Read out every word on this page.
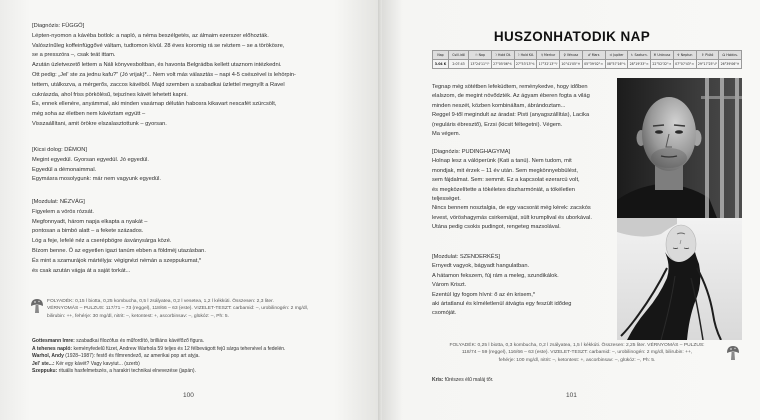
[Diagnózis: FÜGGŐ]
Lépten-nyomon a kávéba botlok: a napló, a néma beszélgetés, az álmaim ezerszer előhozták.
Valószínűleg koffeinfüggővé váltam, tudtomon kívül. 28 éves koromig rá se néztem – se a törökösre,
se a presszóra –, csak teát ittam.
Azután üzletvezető lettem a Náli könyvesboltban, és havonta Belgrádba kellett utaznom intézkedni.
Ott pedig: „Jel' ste za jednu kafu?" (Jó vrijak)*... Nem volt más választás – napi 4-5 csészével is lehörpin-
tettem, utálkozva, a mérgerős, zaccos kávéból. Majd szemben a szabadkai üzlettel megnyílt a Ravel
cukrászda, ahol friss pörkölésű, tejszínes kávét lehetett kapni.
És, ennek ellenére, anyámmal, aki minden vasárnap délután habosra kikavart nescafét szürcsölt,
még soha az életben nem kávéztam együtt –
Visszaállítani, amit örökre elszalasztottunk – gyorsan.
[Kicsi dolog: DÉMON]
Megint egyedül. Gyorsan egyedül. Jó egyedül.
Egyedül a démonaimmal.
Egymásra mosolygunk: már nem vagyunk egyedül.
[Mozdulat: NÉZVÁG]
Figyelem a vörös rózsát.
Megfonnyadt, három napja elkapta a nyakát –
pontosan a bimbó alatt – a fekete százados.
Lóg a feje, lefelé néz a cserépbögre ásványsárga közé.
Bízom benne. Ő az egyetlen igazi tanúm ebben a földméj utazásban.
És mint a szamurájok mártélyja: végignézi némán a szeppukumat,*
és csak azután vágja át a saját torkát...
FOLYADÉK: 0,15 l biotta, 0,25 kombucha, 0,5 l zsályatea, 0,2 l vesetea, 1,2 l kékkúti. Összesen: 2,3 liter.
VÉRNYOMÁS – PULZUS: 117/71 – 73 (reggel), 118/66 – 63 (este). VIZELET-TESZT: carbamid: –, urobilinogén: 2 mg/dl,
bilirubin: ++, fehérje: 30 mg/dl, nitrit: –, ketontest: +, ascorbinsav: –, glükóz: –, Ph: 5.
Gottesmann Imre: szabadkai filozófus és műfordító, brilliáns kávéfőző figura.
A tehenes napló: keményfedelű füzet, Andrew Warhola 59 teljes és 12 félbevágott fejű sárga tehenével a fedelén.
Warhol, Andy (1928–1987): festő és filmrendező, az amerikai pop art atyja.
Jel' ste...: Kér egy kávét? Vagy kavyiut... (szerb)
Szeppuku: rituális hasfelmetszés, a harakiri technikai elnevezése (japán).
100
HUSZONHATODIK NAP
Nap	Csill.idő	☉ Nap	☽ Hold Dt.	☽ Hold Kő.	☿ Merkur	♀ Vénusz	♂ Mars	♃ Jupiter	♄ Szaturn.	♅ Uránusz	♆ Neptun	♇ Plútó	☊ Holdcs.
3.04 K	2:07:43	13°24'11"♈	27°05'06"♋	27°53'13"♋	17°32'13"♈	10°41'05"♓	05°39'02"♒	08°57'16"♑	28°19'33"♒	22°52'32"♒	07°07'43"♒	29°17'25"♐	26°39'06"♓
Tegnap még sötétben lefeküdtem, reménykedve, hogy időben
elalszom, de megint növődzték. Az ágyam éberen fogta a világ
minden neszét, közben kombináltam, ábrándoztam...
Reggel 9-től megindult az áradat: Pisti (anyagszállítás), Lacika
(reguláris ébresztő), Erzsi (kicsit féltegetni). Végem.
Ma végem.
[Diagnózis: PUDINGHAGYMA]
Holnap lesz a válóperünk (Kati a tanú). Nem tudom, mit
mondjak, mit érzek – 11 év után. Sem megkönnyebbülést,
sem fájdalmat. Sem: semmit. Ez a kapcsolat ezerarcú volt,
és megközelítette a tökéletes diszharmóniát, a tökéletlen
teljességet.
Nincs bennem nosztalgia, de egy vacsorát még kérek: zacskós
levest, vöröshagymás csirkemájat, sült krumplival és uborkával.
Utána pedig csokis pudingot, rengeteg mazsolával.
[Mozdulat: SZENDERKÉS]
Ernyedt vagyok, bágyadt hangulatban.
A hátamon fekszem, fúj rám a meleg, szundikálok.
Várom Kriszt.
Ezentúl így fogom hívni: ő az én krisem,*
aki ártatlanul és kíméletlenül átvágta egy feszült idődeg
csomóját.
FOLYADÉK: 0,25 l biotta, 0,3 kombucha, 0,2 l zsályatea, 1,5 l kékkúti. Összesen: 2,25 liter. VÉRNYOMÁS – PULZUS:
118/74 – 59 (reggel), 116/66 – 63 (este). VIZELET-TESZT: carbamid: –, urobilinogén: 2 mg/dl, bilirubin: ++,
fehérje: 100 mg/dl, nitrit: –, ketontest: +, ascorbinsav: –, glükóz: –, Ph: 5.
Kris: fűrészes élű maláj tőr.
101
